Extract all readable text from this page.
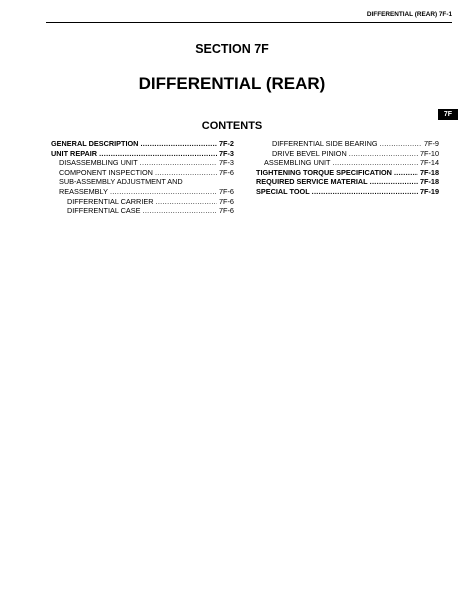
DIFFERENTIAL (REAR) 7F-1
SECTION 7F
DIFFERENTIAL (REAR)
7F
CONTENTS
GENERAL DESCRIPTION .....	7F-2
UNIT REPAIR .....	7F-3
DISASSEMBLING UNIT .....	7F-3
COMPONENT INSPECTION .....	7F-6
SUB-ASSEMBLY ADJUSTMENT AND
REASSEMBLY .....	7F-6
DIFFERENTIAL CARRIER .....	7F-6
DIFFERENTIAL CASE .....	7F-6
DIFFERENTIAL SIDE BEARING .....	7F-9
DRIVE BEVEL PINION .....	7F-10
ASSEMBLING UNIT .....	7F-14
TIGHTENING TORQUE SPECIFICATION .....	7F-18
REQUIRED SERVICE MATERIAL .....	7F-18
SPECIAL TOOL .....	7F-19
